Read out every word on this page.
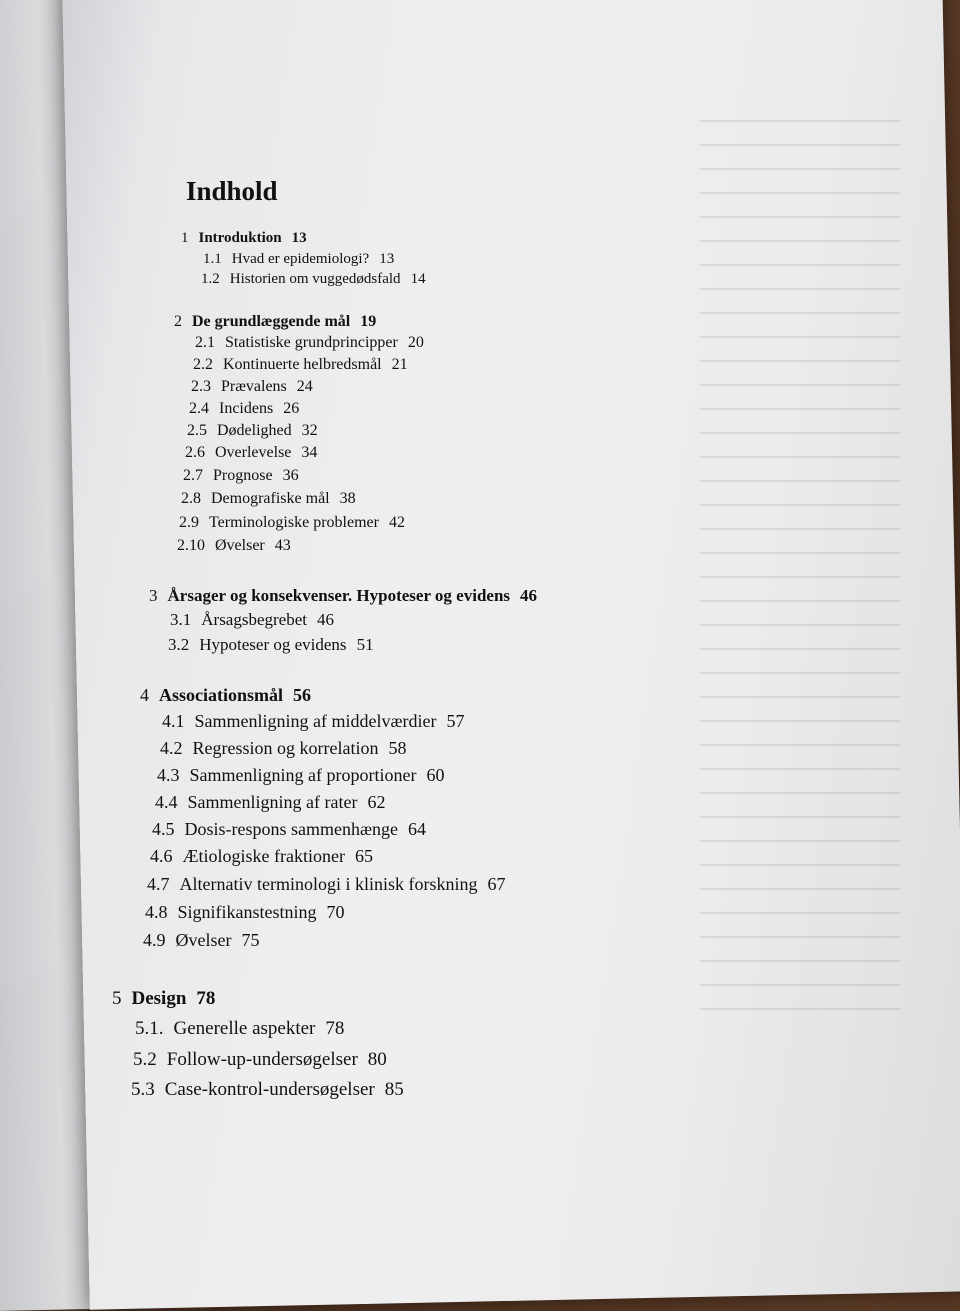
Indhold
1 Introduktion 13
1.1 Hvad er epidemiologi? 13
1.2 Historien om vuggedødsfald 14
2 De grundlæggende mål 19
2.1 Statistiske grundprincipper 20
2.2 Kontinuerte helbredsmål 21
2.3 Prævalens 24
2.4 Incidens 26
2.5 Dødelighed 32
2.6 Overlevelse 34
2.7 Prognose 36
2.8 Demografiske mål 38
2.9 Terminologiske problemer 42
2.10 Øvelser 43
3 Årsager og konsekvenser. Hypoteser og evidens 46
3.1 Årsagsbegrebet 46
3.2 Hypoteser og evidens 51
4 Associationsmål 56
4.1 Sammenligning af middelværdier 57
4.2 Regression og korrelation 58
4.3 Sammenligning af proportioner 60
4.4 Sammenligning af rater 62
4.5 Dosis-respons sammenhænge 64
4.6 Ætiologiske fraktioner 65
4.7 Alternativ terminologi i klinisk forskning 67
4.8 Signifikanstestning 70
4.9 Øvelser 75
5 Design 78
5.1. Generelle aspekter 78
5.2 Follow-up-undersøgelser 80
5.3 Case-kontrol-undersøgelser 85
